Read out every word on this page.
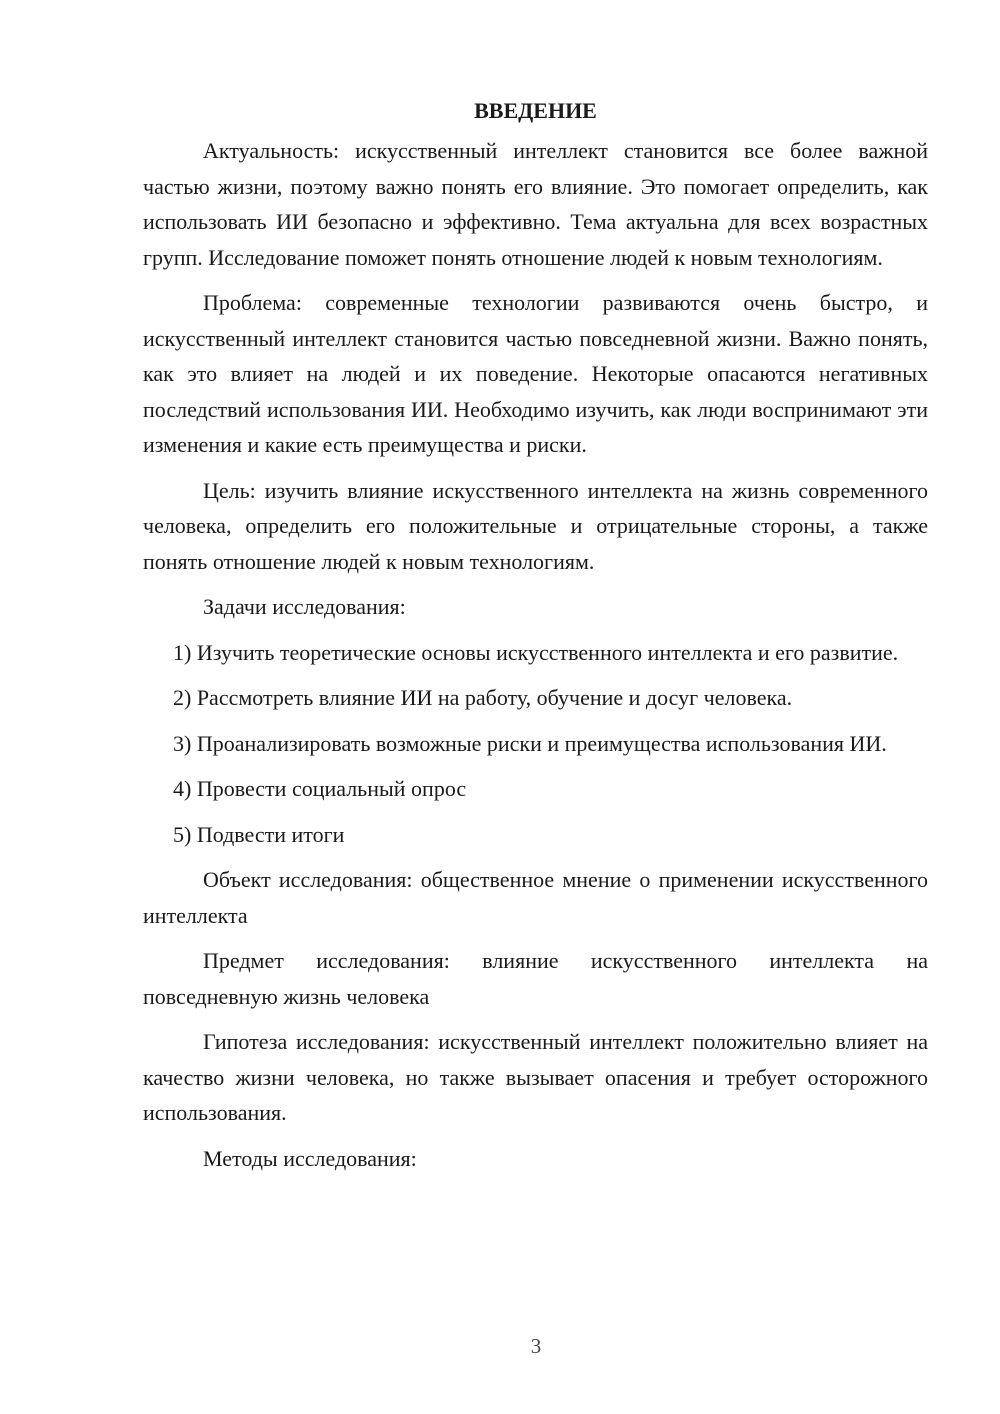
ВВЕДЕНИЕ

Актуальность: искусственный интеллект становится все более важной частью жизни, поэтому важно понять его влияние. Это помогает определить, как использовать ИИ безопасно и эффективно. Тема актуальна для всех возрастных групп. Исследование поможет понять отношение людей к новым технологиям.

Проблема: современные технологии развиваются очень быстро, и искусственный интеллект становится частью повседневной жизни. Важно понять, как это влияет на людей и их поведение. Некоторые опасаются негативных последствий использования ИИ. Необходимо изучить, как люди воспринимают эти изменения и какие есть преимущества и риски.

Цель: изучить влияние искусственного интеллекта на жизнь современного человека, определить его положительные и отрицательные стороны, а также понять отношение людей к новым технологиям.

Задачи исследования:

1) Изучить теоретические основы искусственного интеллекта и его развитие.

2) Рассмотреть влияние ИИ на работу, обучение и досуг человека.

3) Проанализировать возможные риски и преимущества использования ИИ.

4) Провести социальный опрос

5) Подвести итоги

Объект исследования: общественное мнение о применении искусственного интеллекта

Предмет исследования: влияние искусственного интеллекта на повседневную жизнь человека

Гипотеза исследования: искусственный интеллект положительно влияет на качество жизни человека, но также вызывает опасения и требует осторожного использования.

Методы исследования:

3
